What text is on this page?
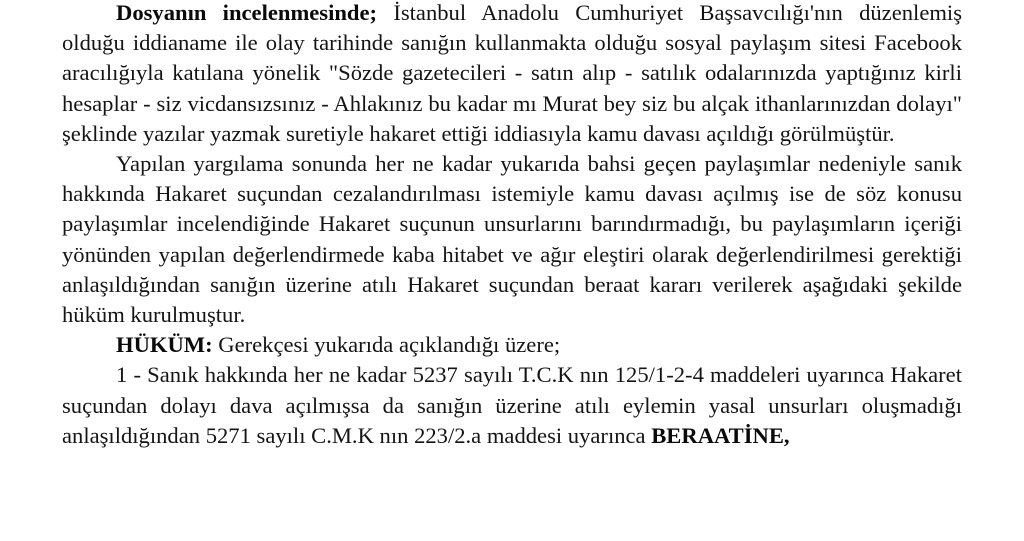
Dosyanın incelenmesinde; İstanbul Anadolu Cumhuriyet Başsavcılığı'nın düzenlemiş olduğu iddianame ile olay tarihinde sanığın kullanmakta olduğu sosyal paylaşım sitesi Facebook aracılığıyla katılana yönelik "Sözde gazetecileri - satın alıp - satılık odalarınızda yaptığınız kirli hesaplar - siz vicdansızsınız - Ahlakınız bu kadar mı Murat bey siz bu alçak ithanlarınızdan dolayı" şeklinde yazılar yazmak suretiyle hakaret ettiği iddiasıyla kamu davası açıldığı görülmüştür.

Yapılan yargılama sonunda her ne kadar yukarıda bahsi geçen paylaşımlar nedeniyle sanık hakkında Hakaret suçundan cezalandırılması istemiyle kamu davası açılmış ise de söz konusu paylaşımlar incelendiğinde Hakaret suçunun unsurlarını barındırmadığı, bu paylaşımların içeriği yönünden yapılan değerlendirmede kaba hitabet ve ağır eleştiri olarak değerlendirilmesi gerektiği anlaşıldığından sanığın üzerine atılı Hakaret suçundan beraat kararı verilerek aşağıdaki şekilde hüküm kurulmuştur.

HÜKÜM: Gerekçesi yukarıda açıklandığı üzere;

1 - Sanık hakkında her ne kadar 5237 sayılı T.C.K nın 125/1-2-4 maddeleri uyarınca Hakaret suçundan dolayı dava açılmışsa da sanığın üzerine atılı eylemin yasal unsurları oluşmadığı anlaşıldığından 5271 sayılı C.M.K nın 223/2.a maddesi uyarınca BERAATİNE,
